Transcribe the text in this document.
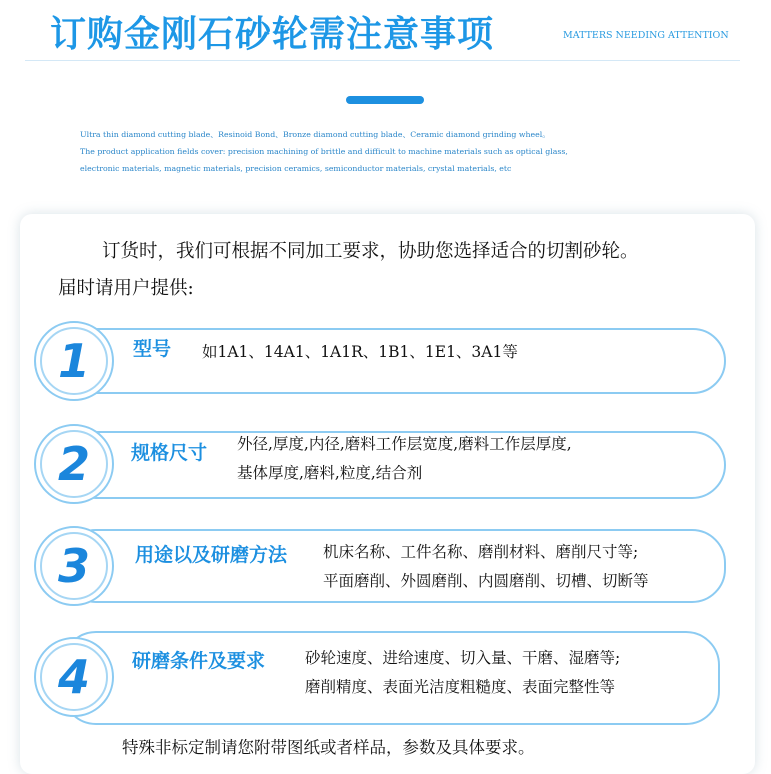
订购金刚石砂轮需注意事项	MATTERS NEEDING ATTENTION
Ultra thin diamond cutting blade、Resinoid Bond、Bronze diamond cutting blade、Ceramic diamond grinding wheel。
The product application fields cover: precision machining of brittle and difficult to machine materials such as optical glass,
electronic materials, magnetic materials, precision ceramics, semiconductor materials, crystal materials, etc
订货时，我们可根据不同加工要求，协助您选择适合的切割砂轮。
届时请用户提供:
1	型号 如1A1、14A1、1A1R、1B1、1E1、3A1等
2	规格尺寸 外径,厚度,内径,磨料工作层宽度,磨料工作层厚度,
基体厚度,磨料,粒度,结合剂
3	用途以及研磨方法 机床名称、工件名称、磨削材料、磨削尺寸等;
平面磨削、外圆磨削、内圆磨削、切槽、切断等
4	研磨条件及要求	砂轮速度、进给速度、切入量、干磨、湿磨等;
磨削精度、表面光洁度粗糙度、表面完整性等
特殊非标定制请您附带图纸或者样品，参数及具体要求。
